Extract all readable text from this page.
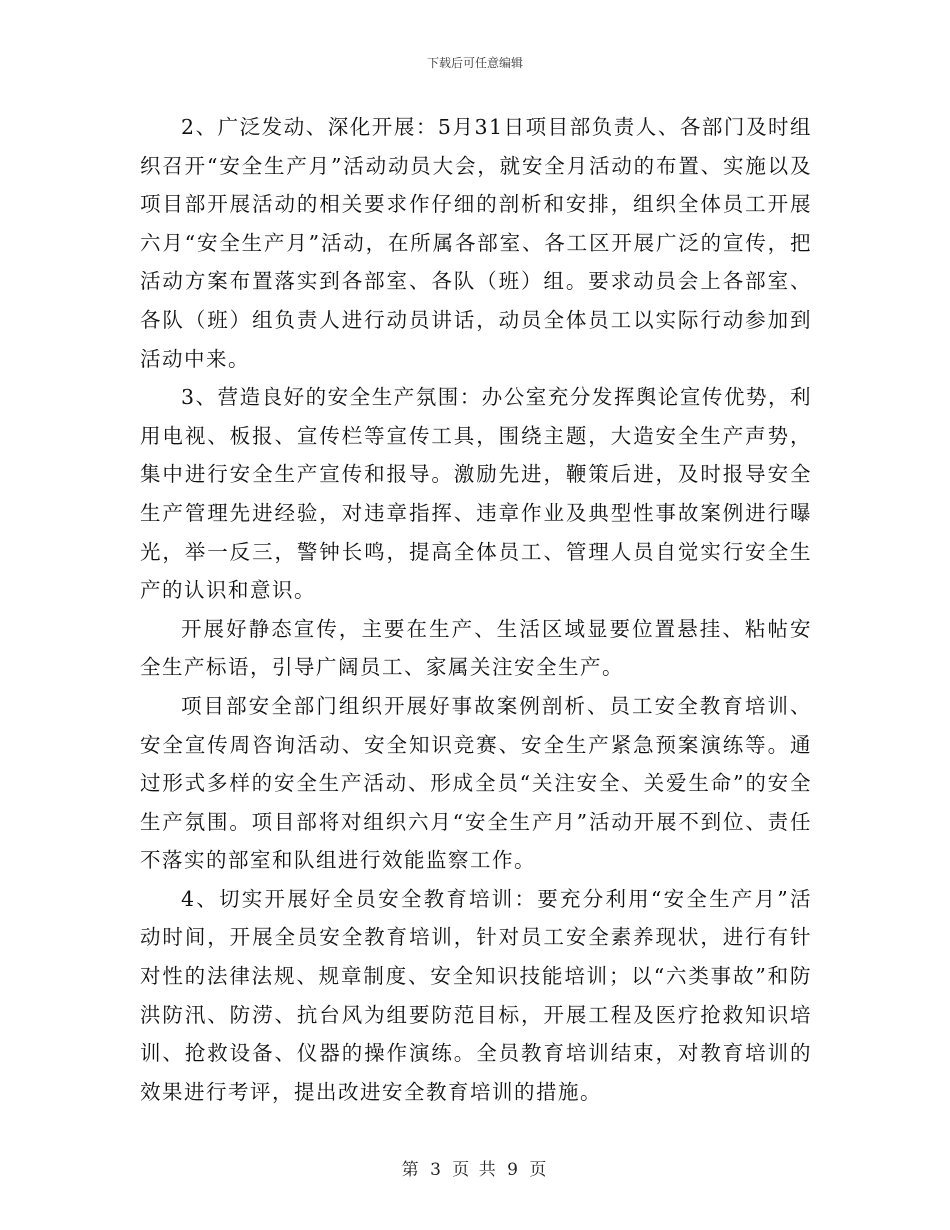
下载后可任意编辑

2、广泛发动、深化开展：5月31日项目部负责人、各部门及时组织召开“安全生产月”活动动员大会，就安全月活动的布置、实施以及项目部开展活动的相关要求作仔细的剖析和安排，组织全体员工开展六月“安全生产月”活动，在所属各部室、各工区开展广泛的宣传，把活动方案布置落实到各部室、各队（班）组。要求动员会上各部室、各队（班）组负责人进行动员讲话，动员全体员工以实际行动参加到活动中来。

3、营造良好的安全生产氛围：办公室充分发挥舆论宣传优势，利用电视、板报、宣传栏等宣传工具，围绕主题，大造安全生产声势，集中进行安全生产宣传和报导。激励先进，鞭策后进，及时报导安全生产管理先进经验，对违章指挥、违章作业及典型性事故案例进行曝光，举一反三，警钟长鸣，提高全体员工、管理人员自觉实行安全生产的认识和意识。

开展好静态宣传，主要在生产、生活区域显要位置悬挂、粘帖安全生产标语，引导广阔员工、家属关注安全生产。

项目部安全部门组织开展好事故案例剖析、员工安全教育培训、安全宣传周咨询活动、安全知识竞赛、安全生产紧急预案演练等。通过形式多样的安全生产活动、形成全员“关注安全、关爱生命”的安全生产氛围。项目部将对组织六月“安全生产月”活动开展不到位、责任不落实的部室和队组进行效能监察工作。

4、切实开展好全员安全教育培训：要充分利用“安全生产月”活动时间，开展全员安全教育培训，针对员工安全素养现状，进行有针对性的法律法规、规章制度、安全知识技能培训；以“六类事故”和防洪防汛、防涝、抗台风为组要防范目标，开展工程及医疗抢救知识培训、抢救设备、仪器的操作演练。全员教育培训结束，对教育培训的效果进行考评，提出改进安全教育培训的措施。

第 3 页 共 9 页
